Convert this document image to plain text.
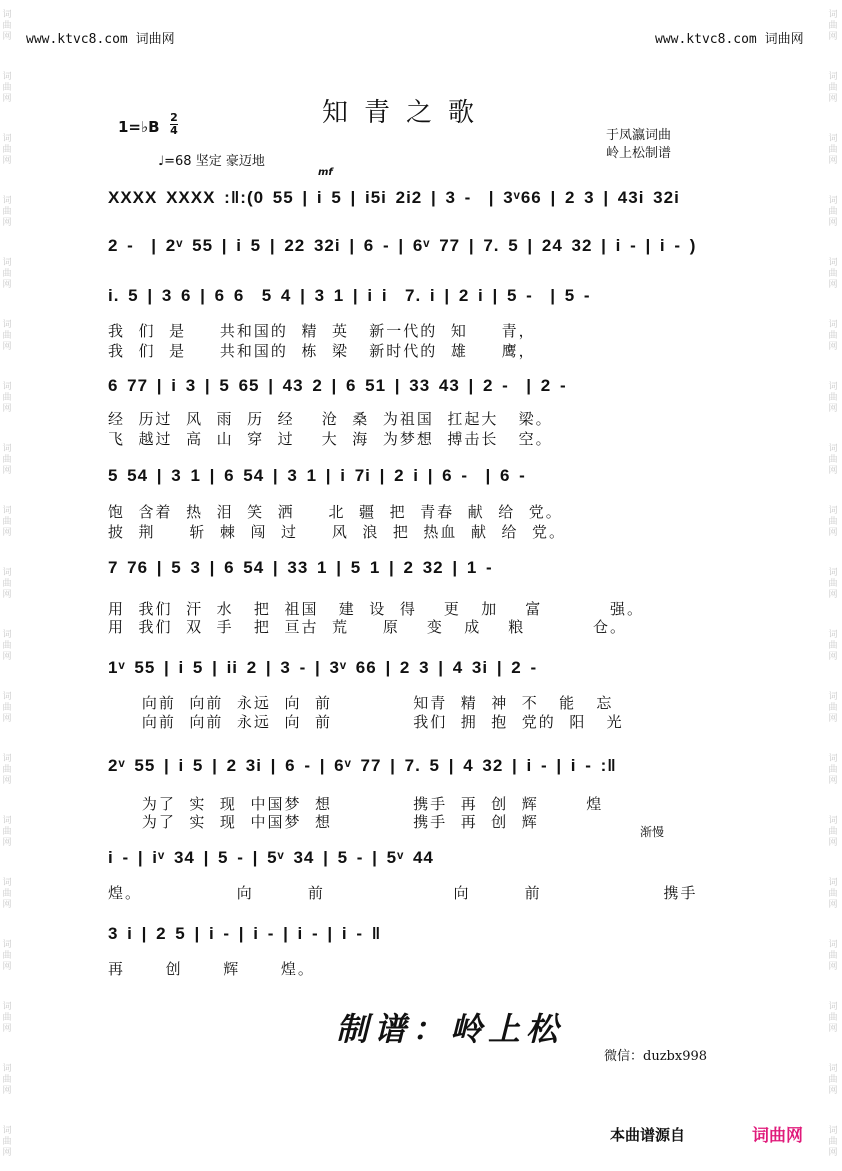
词
曲
网
词
曲
网
词
曲
网
词
曲
网
词
曲
网
词
曲
网
词
曲
网
词
曲
网
词
曲
网
词
曲
网
词
曲
网
词
曲
网
词
曲
网
词
曲
网
词
曲
网
词
曲
网
词
曲
网
词
曲
网
词
曲
网
词
曲
网
词
曲
网
词
曲
网
词
曲
网
词
曲
网
词
曲
网
词
曲
网
词
曲
网
词
曲
网
词
曲
网
词
曲
网
词
曲
网
词
曲
网
词
曲
网
词
曲
网
词
曲
网
词
曲
网
词
曲
网
词
曲
网
www.ktvc8.com 词曲网	www.ktvc8.com 词曲网
知青之歌
1=♭B
2
4
♩=68 坚定 豪迈地
于凤瀛词曲
岭上松制谱
mf
XXXX XXXX :‖:(0 55 | i 5 | i5i 2i2 | 3 -  | 3ᵛ66 | 2 3 | 43i 32i
2 -  | 2ᵛ 55 | i 5 | 22 32i | 6 - | 6ᵛ 77 | 7. 5 | 24 32 | i - | i - )
i. 5 | 3 6 | 6 6  5 4 | 3 1 | i i  7. i | 2 i | 5 -  | 5 -
我  们  是     共和国的  精  英   新一代的  知     青，
我  们  是     共和国的  栋  梁   新时代的  雄     鹰，
6 77 | i 3 | 5 65 | 43 2 | 6 51 | 33 43 | 2 -  | 2 -
经  历过  风  雨  历  经    沧  桑  为祖国  扛起大   梁。
飞  越过  高  山  穿  过    大  海  为梦想  搏击长   空。
5 54 | 3 1 | 6 54 | 3 1 | i 7i | 2 i | 6 -  | 6 -
饱  含着  热  泪  笑  洒     北  疆  把  青春  献  给  党。
披  荆     斩  棘  闯  过     风  浪  把  热血  献  给  党。
7 76 | 5 3 | 6 54 | 33 1 | 5 1 | 2 32 | 1 -
用  我们  汗  水   把  祖国   建  设  得    更   加    富          强。
用  我们  双  手   把  亘古  荒     原    变   成    粮          仓。
1ᵛ 55 | i 5 | ii 2 | 3 - | 3ᵛ 66 | 2 3 | 4 3i | 2 -
向前  向前  永远  向  前            知青  精  神  不   能   忘
向前  向前  永远  向  前            我们  拥  抱  党的  阳   光
2ᵛ 55 | i 5 | 2 3i | 6 - | 6ᵛ 77 | 7. 5 | 4 32 | i - | i - :‖
为了  实  现  中国梦  想            携手  再  创  辉       煌
为了  实  现  中国梦  想            携手  再  创  辉
渐慢
i - | iᵛ 34 | 5 - | 5ᵛ 34 | 5 - | 5ᵛ 44
煌。              向        前                   向        前                  携手
3 i | 2 5 | i - | i - | i - | i - ‖
再      创      辉      煌。
制谱：岭上松
微信：duzbx998
本曲谱源自	词曲网
